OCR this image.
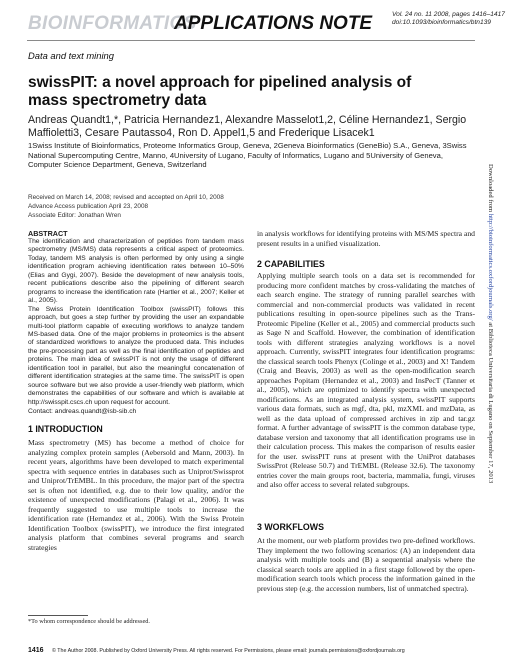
BIOINFORMATICS
APPLICATIONS NOTE	Vol. 24 no. 11 2008, pages 1416–1417
doi:10.1093/bioinformatics/btn139
Data and text mining
swissPIT: a novel approach for pipelined analysis of mass spectrometry data
Andreas Quandt1,*, Patricia Hernandez1, Alexandre Masselot1,2, Céline Hernandez1, Sergio Maffioletti3, Cesare Pautasso4, Ron D. Appel1,5 and Frederique Lisacek1
1Swiss Institute of Bioinformatics, Proteome Informatics Group, Geneva, 2Geneva Bioinformatics (GeneBio) S.A., Geneva, 3Swiss National Supercomputing Centre, Manno, 4University of Lugano, Faculty of Informatics, Lugano and 5University of Geneva, Computer Science Department, Geneva, Switzerland
Received on March 14, 2008; revised and accepted on April 10, 2008
Advance Access publication April 23, 2008
Associate Editor: Jonathan Wren
ABSTRACT
The identification and characterization of peptides from tandem mass spectrometry (MS/MS) data represents a critical aspect of proteomics. Today, tandem MS analysis is often performed by only using a single identification program achieving identification rates between 10–50% (Elias and Gygi, 2007). Beside the development of new analysis tools, recent publications describe also the pipelining of different search programs to increase the identification rate (Hartler et al., 2007; Keller et al., 2005).
The Swiss Protein Identification Toolbox (swissPIT) follows this approach, but goes a step further by providing the user an expandable multi-tool platform capable of executing workflows to analyze tandem MS-based data. One of the major problems in proteomics is the absent of standardized workflows to analyze the produced data. This includes the pre-processing part as well as the final identification of peptides and proteins. The main idea of swissPIT is not only the usage of different identification tool in parallel, but also the meaningful concatenation of different identification strategies at the same time. The swissPIT is open source software but we also provide a user-friendly web platform, which demonstrates the capabilities of our software and which is available at http://swisspit.cscs.ch upon request for account.
Contact: andreas.quandt@isb-sib.ch
1 INTRODUCTION
Mass spectrometry (MS) has become a method of choice for analyzing complex protein samples (Aebersold and Mann, 2003). In recent years, algorithms have been developed to match experimental spectra with sequence entries in databases such as Uniprot/Swissprot and Uniprot/TrEMBL. In this procedure, the major part of the spectra set is often not identified, e.g. due to their low quality, and/or the existence of unexpected modifications (Palagi et al., 2006). It was frequently suggested to use multiple tools to increase the identification rate (Hernandez et al., 2006). With the Swiss Protein Identification Toolbox (swissPIT), we introduce the first integrated analysis platform that combines several programs and search strategies
*To whom correspondence should be addressed.
in analysis workflows for identifying proteins with MS/MS spectra and present results in a unified visualization.
2 CAPABILITIES
Applying multiple search tools on a data set is recommended for producing more confident matches by cross-validating the matches of each search engine. The strategy of running parallel searches with commercial and non-commercial products was validated in recent publications resulting in open-source pipelines such as the Trans-Proteomic Pipeline (Keller et al., 2005) and commercial products such as Sage N and Scaffold. However, the combination of identification tools with different strategies analyzing workflows is a novel approach. Currently, swissPIT integrates four identification programs: the classical search tools Phenyx (Colinge et al., 2003) and X! Tandem (Craig and Beavis, 2003) as well as the open-modification search approaches Popitam (Hernandez et al., 2003) and InsPecT (Tanner et al., 2005), which are optimized to identify spectra with unexpected modifications. As an integrated analysis system, swissPIT supports various data formats, such as mgf, dta, pkl, mzXML and mzData, as well as the data upload of compressed archives in zip and tar.gz format. A further advantage of swissPIT is the common database type, database version and taxonomy that all identification programs use in their calculation process. This makes the comparison of results easier for the user. swissPIT runs at present with the UniProt databases SwissProt (Release 50.7) and TrEMBL (Release 32.6). The taxonomy entries cover the main groups root, bacteria, mammalia, fungi, viruses and also offer access to several related subgroups.
3 WORKFLOWS
At the moment, our web platform provides two pre-defined workflows. They implement the two following scenarios: (A) an independent data analysis with multiple tools and (B) a sequential analysis where the classical search tools are applied in a first stage followed by the open-modification search tools which process the information gained in the previous step (e.g. the accession numbers, list of unmatched spectra).
1416 © The Author 2008. Published by Oxford University Press. All rights reserved. For Permissions, please email: journals.permissions@oxfordjournals.org
Downloaded from http://bioinformatics.oxfordjournals.org/ at Biblioteca Universitaria di Lugano on September 17, 2013
